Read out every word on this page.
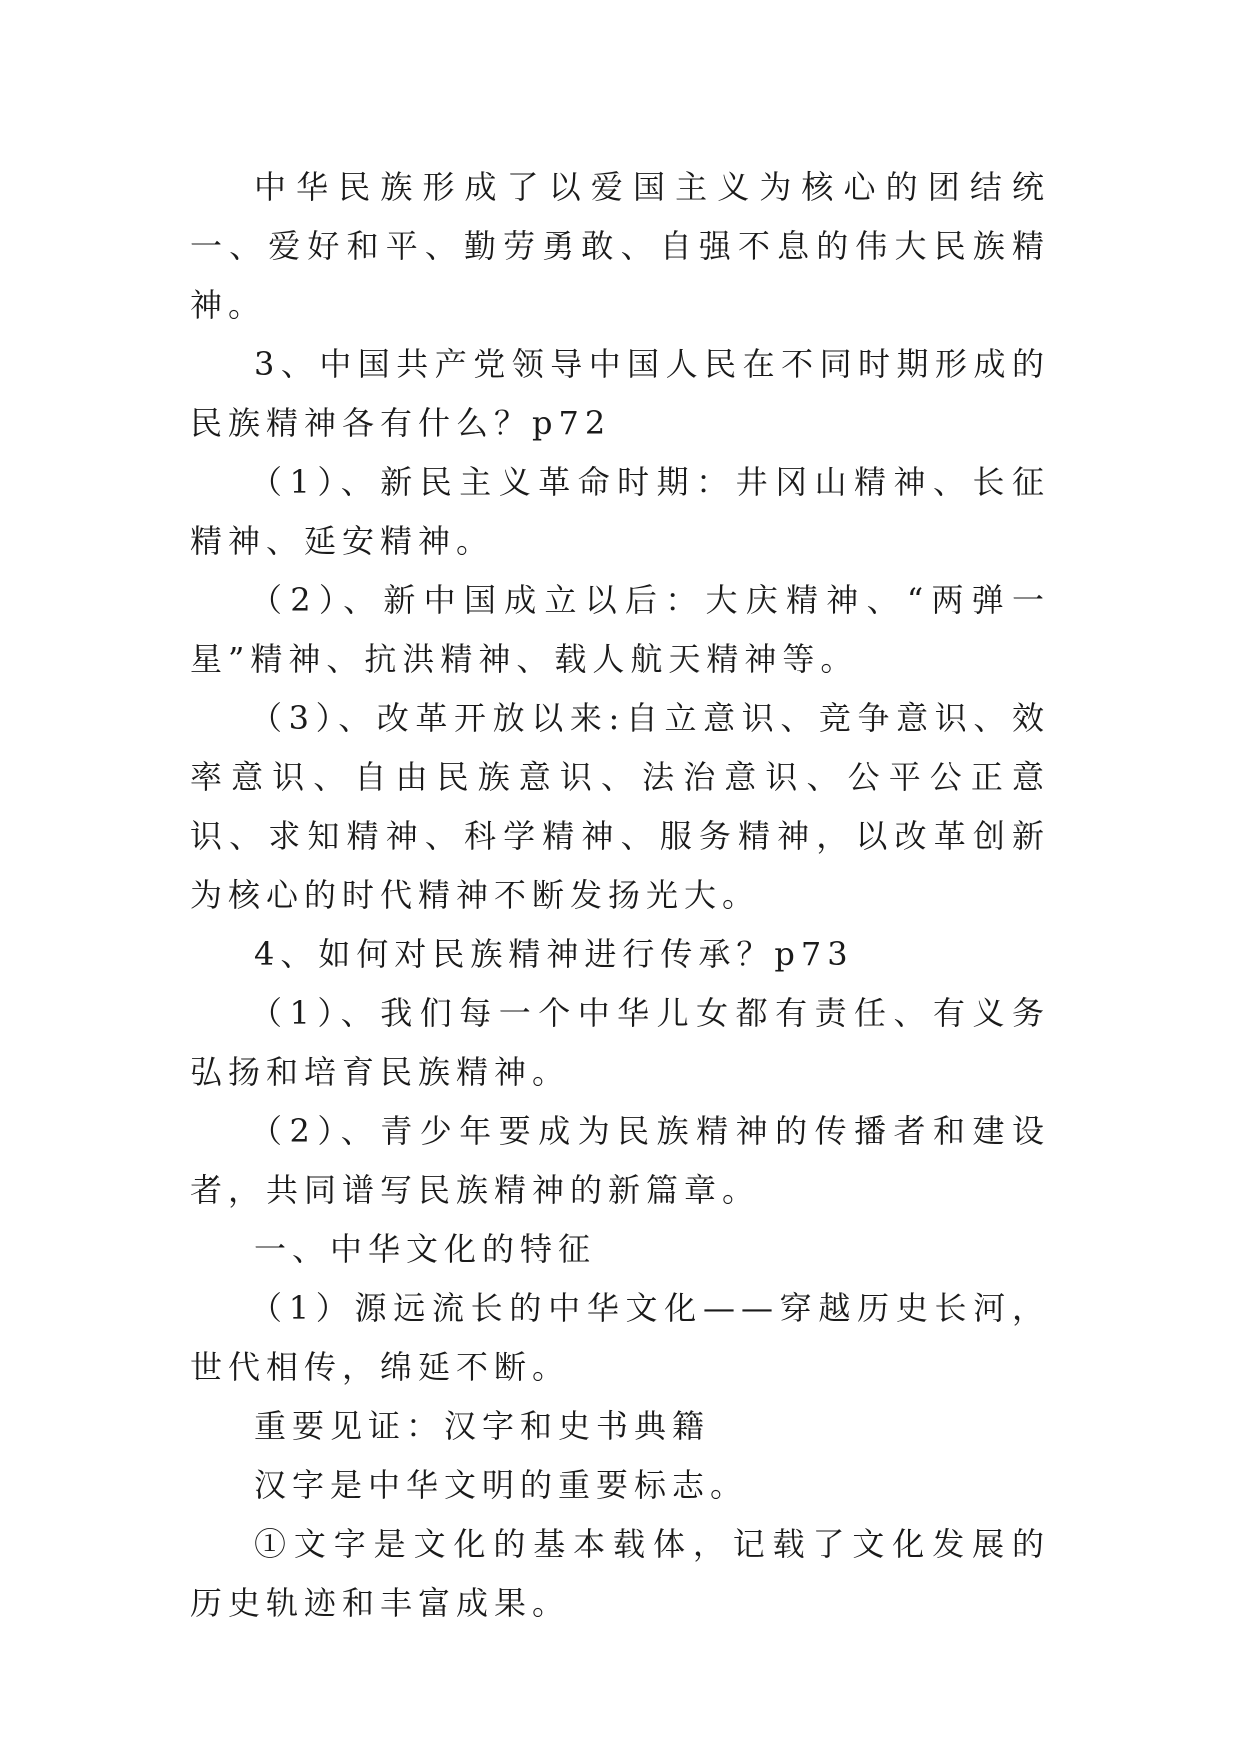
中华民族形成了以爱国主义为核心的团结统一、爱好和平、勤劳勇敢、自强不息的伟大民族精神。

3、中国共产党领导中国人民在不同时期形成的民族精神各有什么？p72

（1）、新民主义革命时期：井冈山精神、长征精神、延安精神。

（2）、新中国成立以后：大庆精神、“两弹一星”精神、抗洪精神、载人航天精神等。

（3）、改革开放以来:自立意识、竞争意识、效率意识、自由民族意识、法治意识、公平公正意识、求知精神、科学精神、服务精神，以改革创新为核心的时代精神不断发扬光大。

4、如何对民族精神进行传承？p73

（1）、我们每一个中华儿女都有责任、有义务弘扬和培育民族精神。

（2）、青少年要成为民族精神的传播者和建设者，共同谱写民族精神的新篇章。

一、中华文化的特征

（1）源远流长的中华文化——穿越历史长河，世代相传，绵延不断。

重要见证：汉字和史书典籍

汉字是中华文明的重要标志。

①文字是文化的基本载体，记载了文化发展的历史轨迹和丰富成果。
